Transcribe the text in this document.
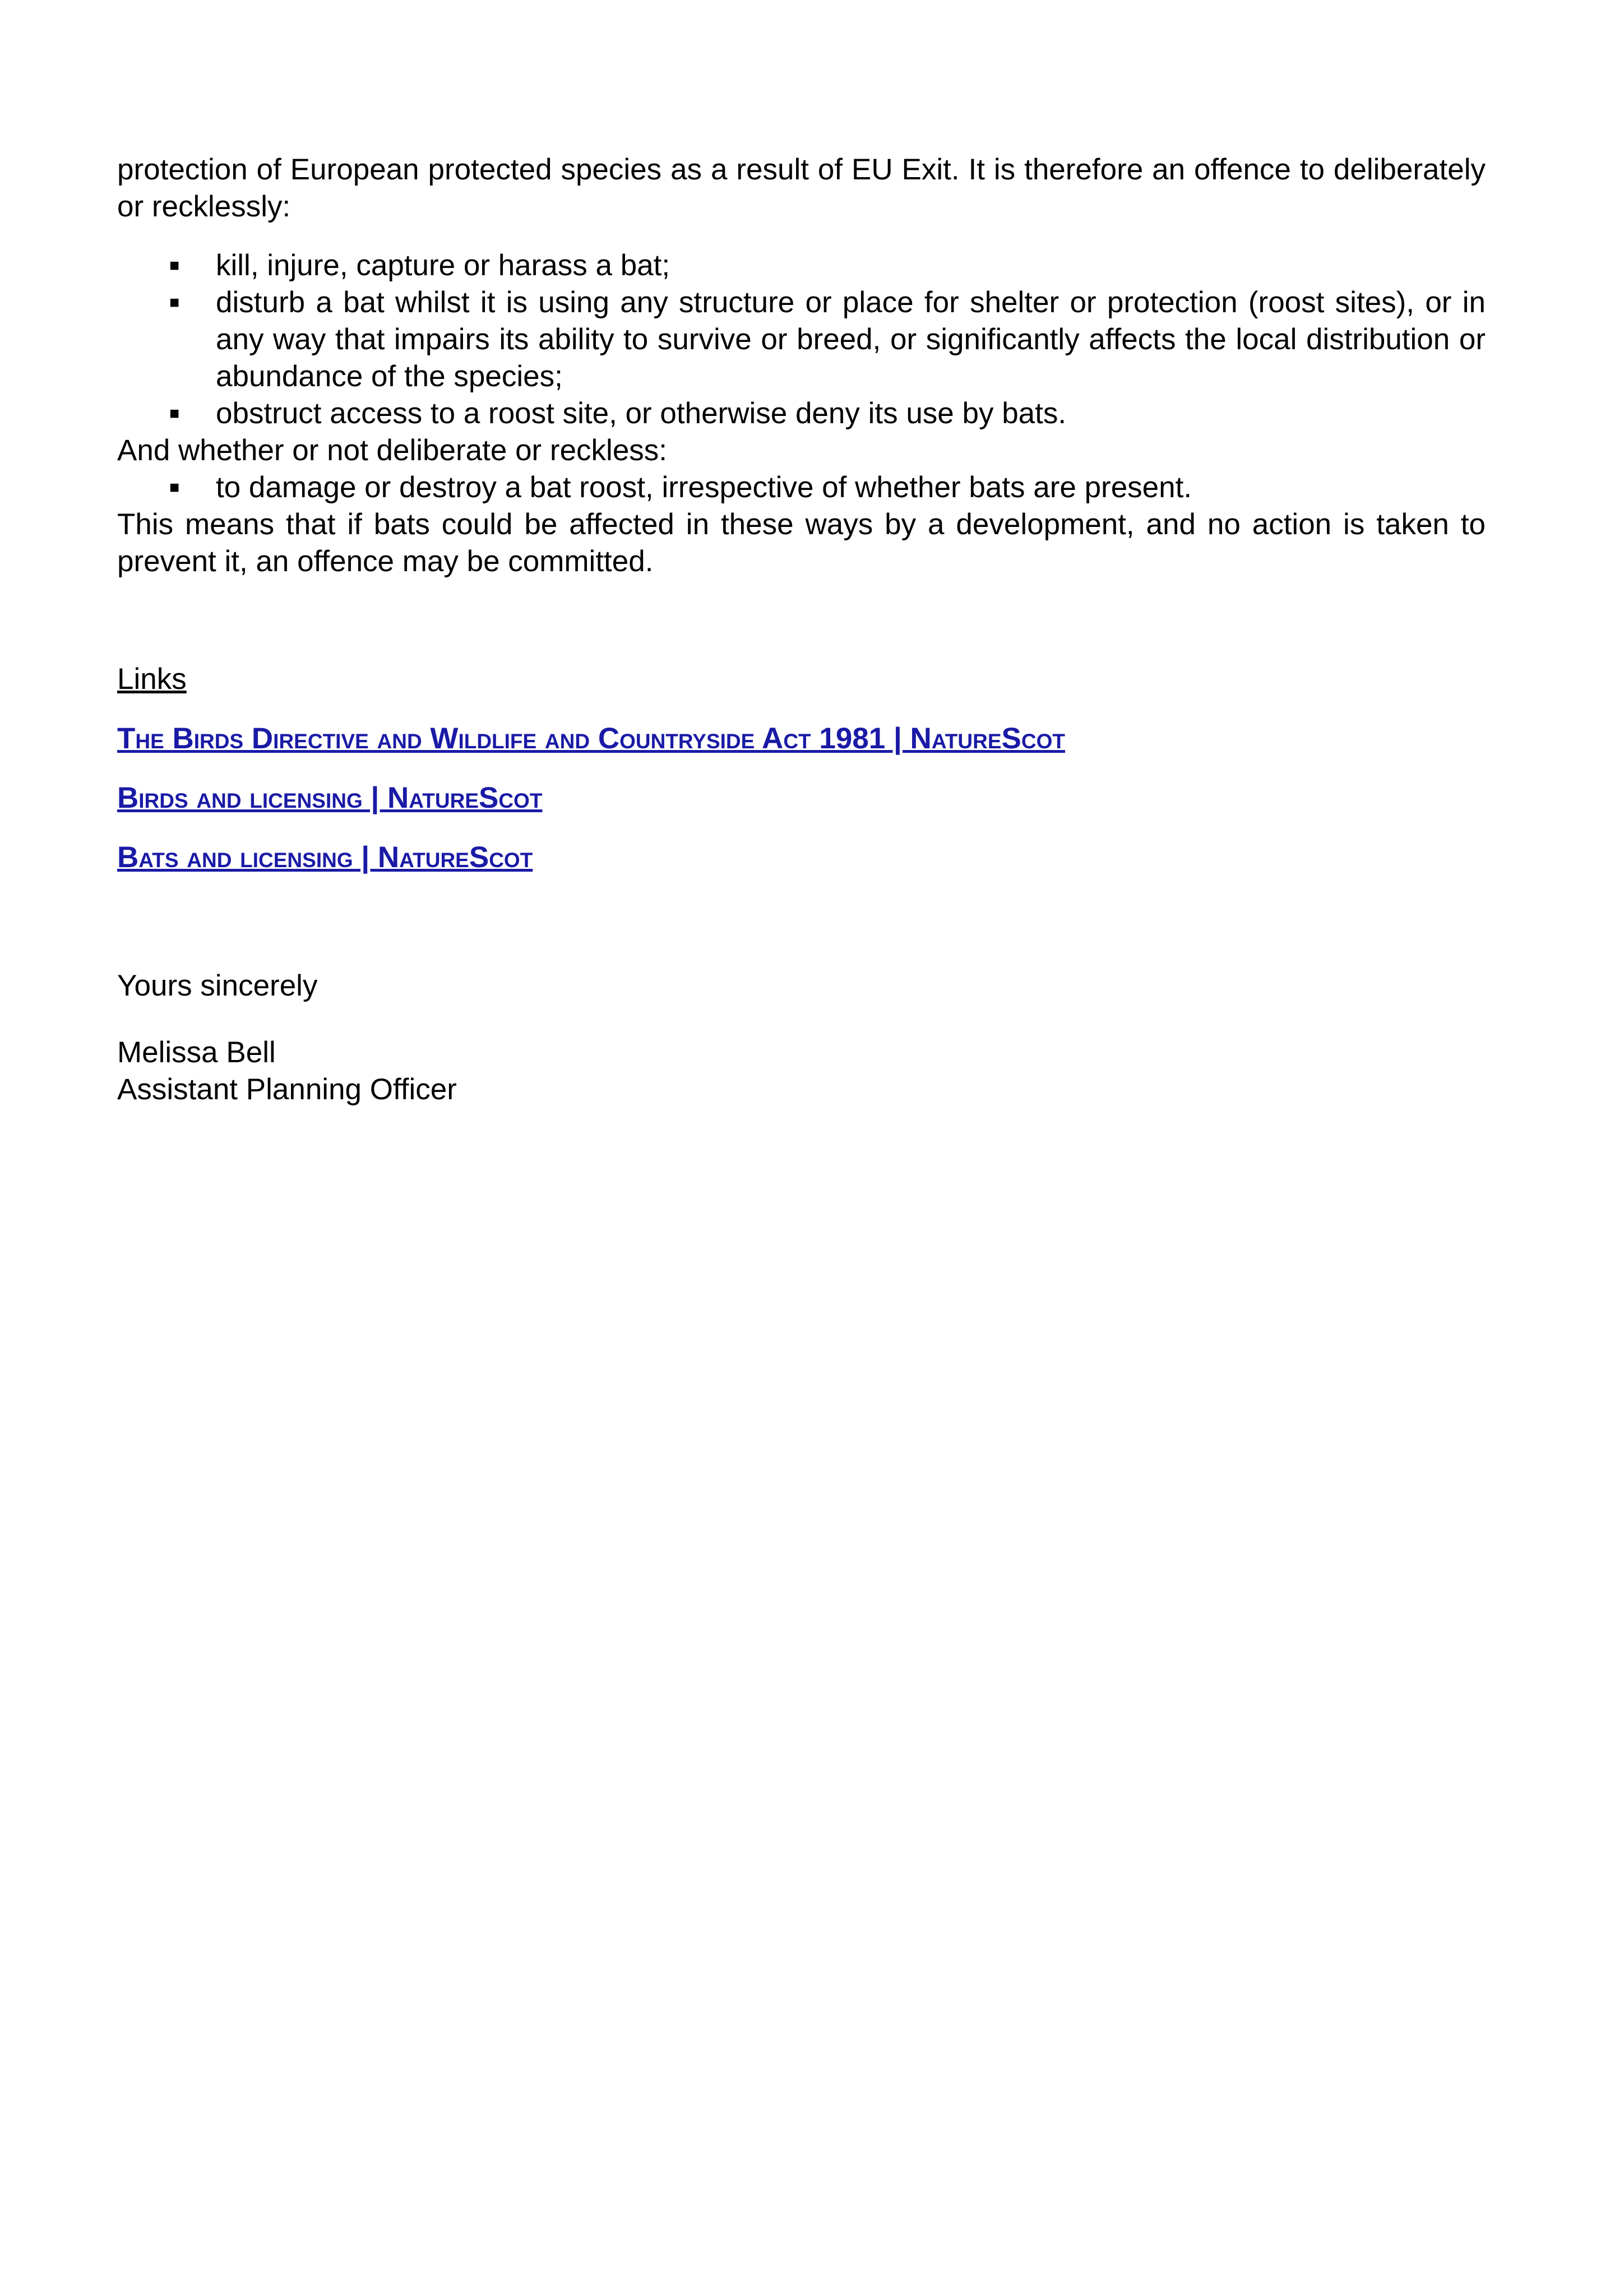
protection of European protected species as a result of EU Exit. It is therefore an offence to deliberately or recklessly:

■ kill, injure, capture or harass a bat;
■ disturb a bat whilst it is using any structure or place for shelter or protection (roost sites), or in any way that impairs its ability to survive or breed, or significantly affects the local distribution or abundance of the species;
■ obstruct access to a roost site, or otherwise deny its use by bats.

And whether or not deliberate or reckless:

■ to damage or destroy a bat roost, irrespective of whether bats are present.

This means that if bats could be affected in these ways by a development, and no action is taken to prevent it, an offence may be committed.

Links

The Birds Directive and Wildlife and Countryside Act 1981 | NatureScot
Birds and licensing | NatureScot
Bats and licensing | NatureScot

Yours sincerely

Melissa Bell

Assistant Planning Officer
